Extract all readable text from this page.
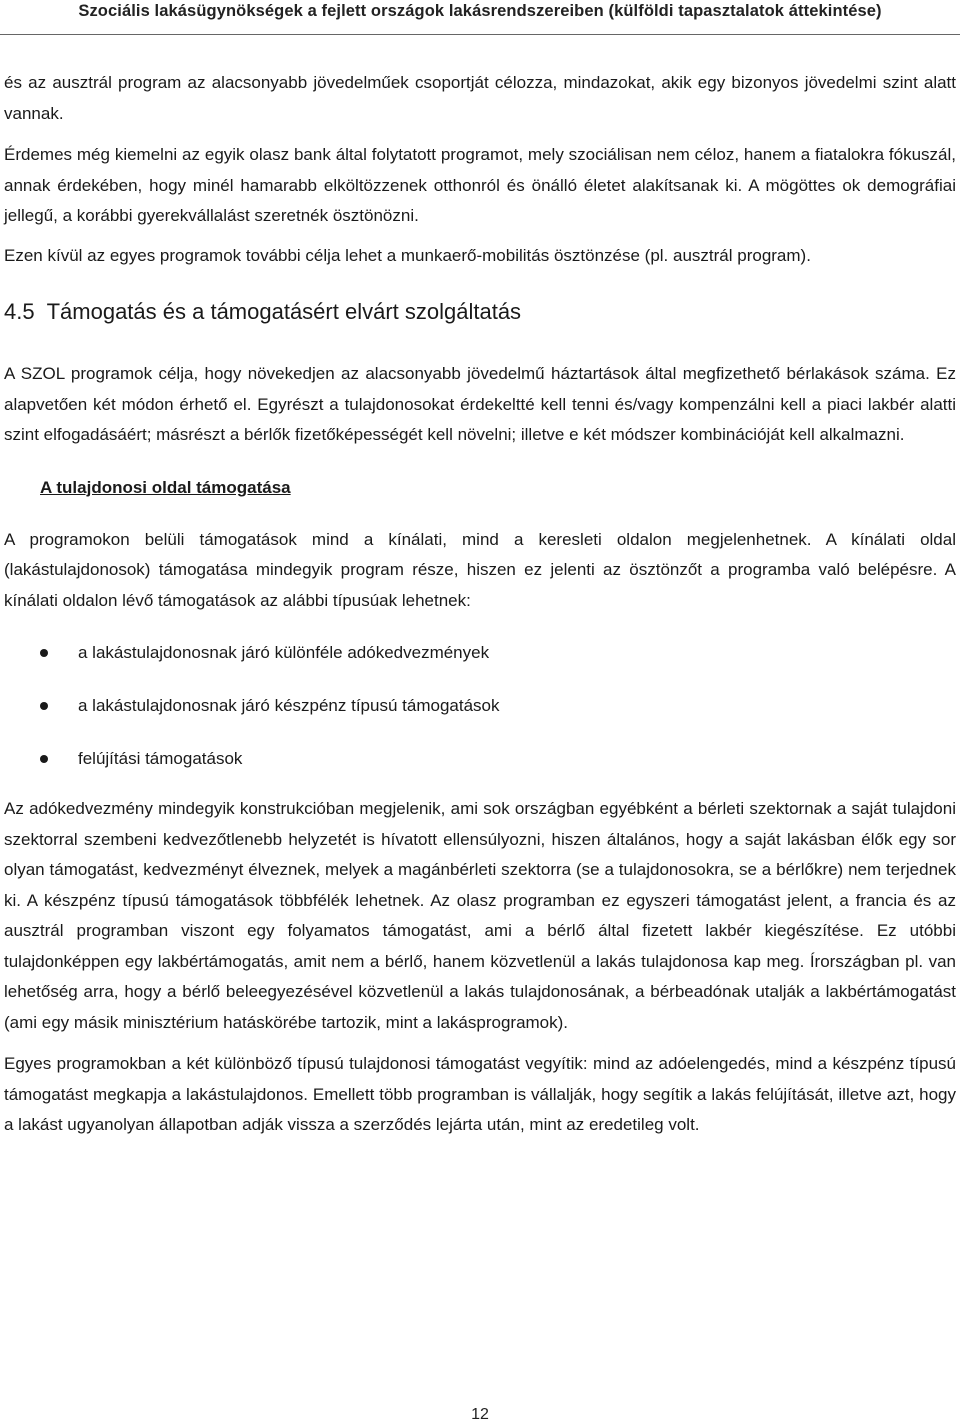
Szociális lakásügynökségek a fejlett országok lakásrendszereiben (külföldi tapasztalatok áttekintése)

és az ausztrál program az alacsonyabb jövedelműek csoportját célozza, mindazokat, akik egy bizonyos jövedelmi szint alatt vannak.

Érdemes még kiemelni az egyik olasz bank által folytatott programot, mely szociálisan nem céloz, hanem a fiatalokra fókuszál, annak érdekében, hogy minél hamarabb elköltözzenek otthonról és önálló életet alakítsanak ki. A mögöttes ok demográfiai jellegű, a korábbi gyerekvállalást szeretnék ösztönözni.

Ezen kívül az egyes programok további célja lehet a munkaerő-mobilitás ösztönzése (pl. ausztrál program).

4.5 Támogatás és a támogatásért elvárt szolgáltatás

A SZOL programok célja, hogy növekedjen az alacsonyabb jövedelmű háztartások által megfizethető bérlakások száma. Ez alapvetően két módon érhető el. Egyrészt a tulajdonosokat érdekeltté kell tenni és/vagy kompenzálni kell a piaci lakbér alatti szint elfogadásáért; másrészt a bérlők fizetőképességét kell növelni; illetve e két módszer kombinációját kell alkalmazni.

A tulajdonosi oldal támogatása

A programokon belüli támogatások mind a kínálati, mind a keresleti oldalon megjelenhetnek. A kínálati oldal (lakástulajdonosok) támogatása mindegyik program része, hiszen ez jelenti az ösztönzőt a programba való belépésre. A kínálati oldalon lévő támogatások az alábbi típusúak lehetnek:

a lakástulajdonosnak járó különféle adókedvezmények
a lakástulajdonosnak járó készpénz típusú támogatások
felújítási támogatások

Az adókedvezmény mindegyik konstrukcióban megjelenik, ami sok országban egyébként a bérleti szektornak a saját tulajdoni szektorral szembeni kedvezőtlenebb helyzetét is hívatott ellensúlyozni, hiszen általános, hogy a saját lakásban élők egy sor olyan támogatást, kedvezményt élveznek, melyek a magánbérleti szektorra (se a tulajdonosokra, se a bérlőkre) nem terjednek ki. A készpénz típusú támogatások többfélék lehetnek. Az olasz programban ez egyszeri támogatást jelent, a francia és az ausztrál programban viszont egy folyamatos támogatást, ami a bérlő által fizetett lakbér kiegészítése. Ez utóbbi tulajdonképpen egy lakbértámogatás, amit nem a bérlő, hanem közvetlenül a lakás tulajdonosa kap meg. Írországban pl. van lehetőség arra, hogy a bérlő beleegyezésével közvetlenül a lakás tulajdonosának, a bérbeadónak utalják a lakbértámogatást (ami egy másik minisztérium hatáskörébe tartozik, mint a lakásprogramok).

Egyes programokban a két különböző típusú tulajdonosi támogatást vegyítik: mind az adóelengedés, mind a készpénz típusú támogatást megkapja a lakástulajdonos. Emellett több programban is vállalják, hogy segítik a lakás felújítását, illetve azt, hogy a lakást ugyanolyan állapotban adják vissza a szerződés lejárta után, mint az eredetileg volt.

12
